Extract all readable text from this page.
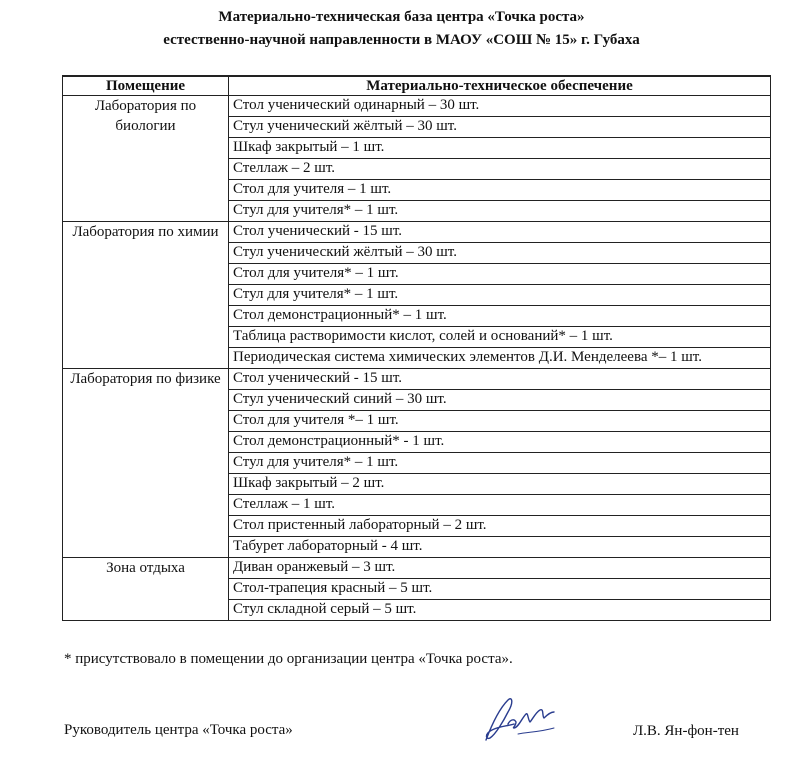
Материально-техническая база центра «Точка роста»
естественно-научной направленности в МАОУ «СОШ № 15» г. Губаха
Помещение	Материально-техническое обеспечение
Лаборатория по биологии	Стол ученический одинарный – 30 шт.
	Стул ученический жёлтый – 30 шт.
	Шкаф закрытый – 1 шт.
	Стеллаж – 2 шт.
	Стол для учителя – 1 шт.
	Стул для учителя* – 1 шт.
Лаборатория по химии	Стол ученический - 15 шт.
	Стул ученический жёлтый – 30 шт.
	Стол для учителя* – 1 шт.
	Стул для учителя* – 1 шт.
	Стол демонстрационный* – 1 шт.
	Таблица растворимости кислот, солей и оснований* – 1 шт.
	Периодическая система химических элементов Д.И. Менделеева *– 1 шт.
Лаборатория по физике	Стол ученический - 15 шт.
	Стул ученический синий – 30 шт.
	Стол для учителя *– 1 шт.
	Стол демонстрационный* - 1 шт.
	Стул для учителя* – 1 шт.
	Шкаф закрытый – 2 шт.
	Стеллаж – 1 шт.
	Стол пристенный лабораторный – 2 шт.
	Табурет лабораторный - 4 шт.
Зона отдыха	Диван оранжевый – 3 шт.
	Стол-трапеция красный – 5 шт.
	Стул складной серый – 5 шт.
* присутствовало в помещении до организации центра «Точка роста».
Руководитель центра «Точка роста»	Л.В. Ян-фон-тен
